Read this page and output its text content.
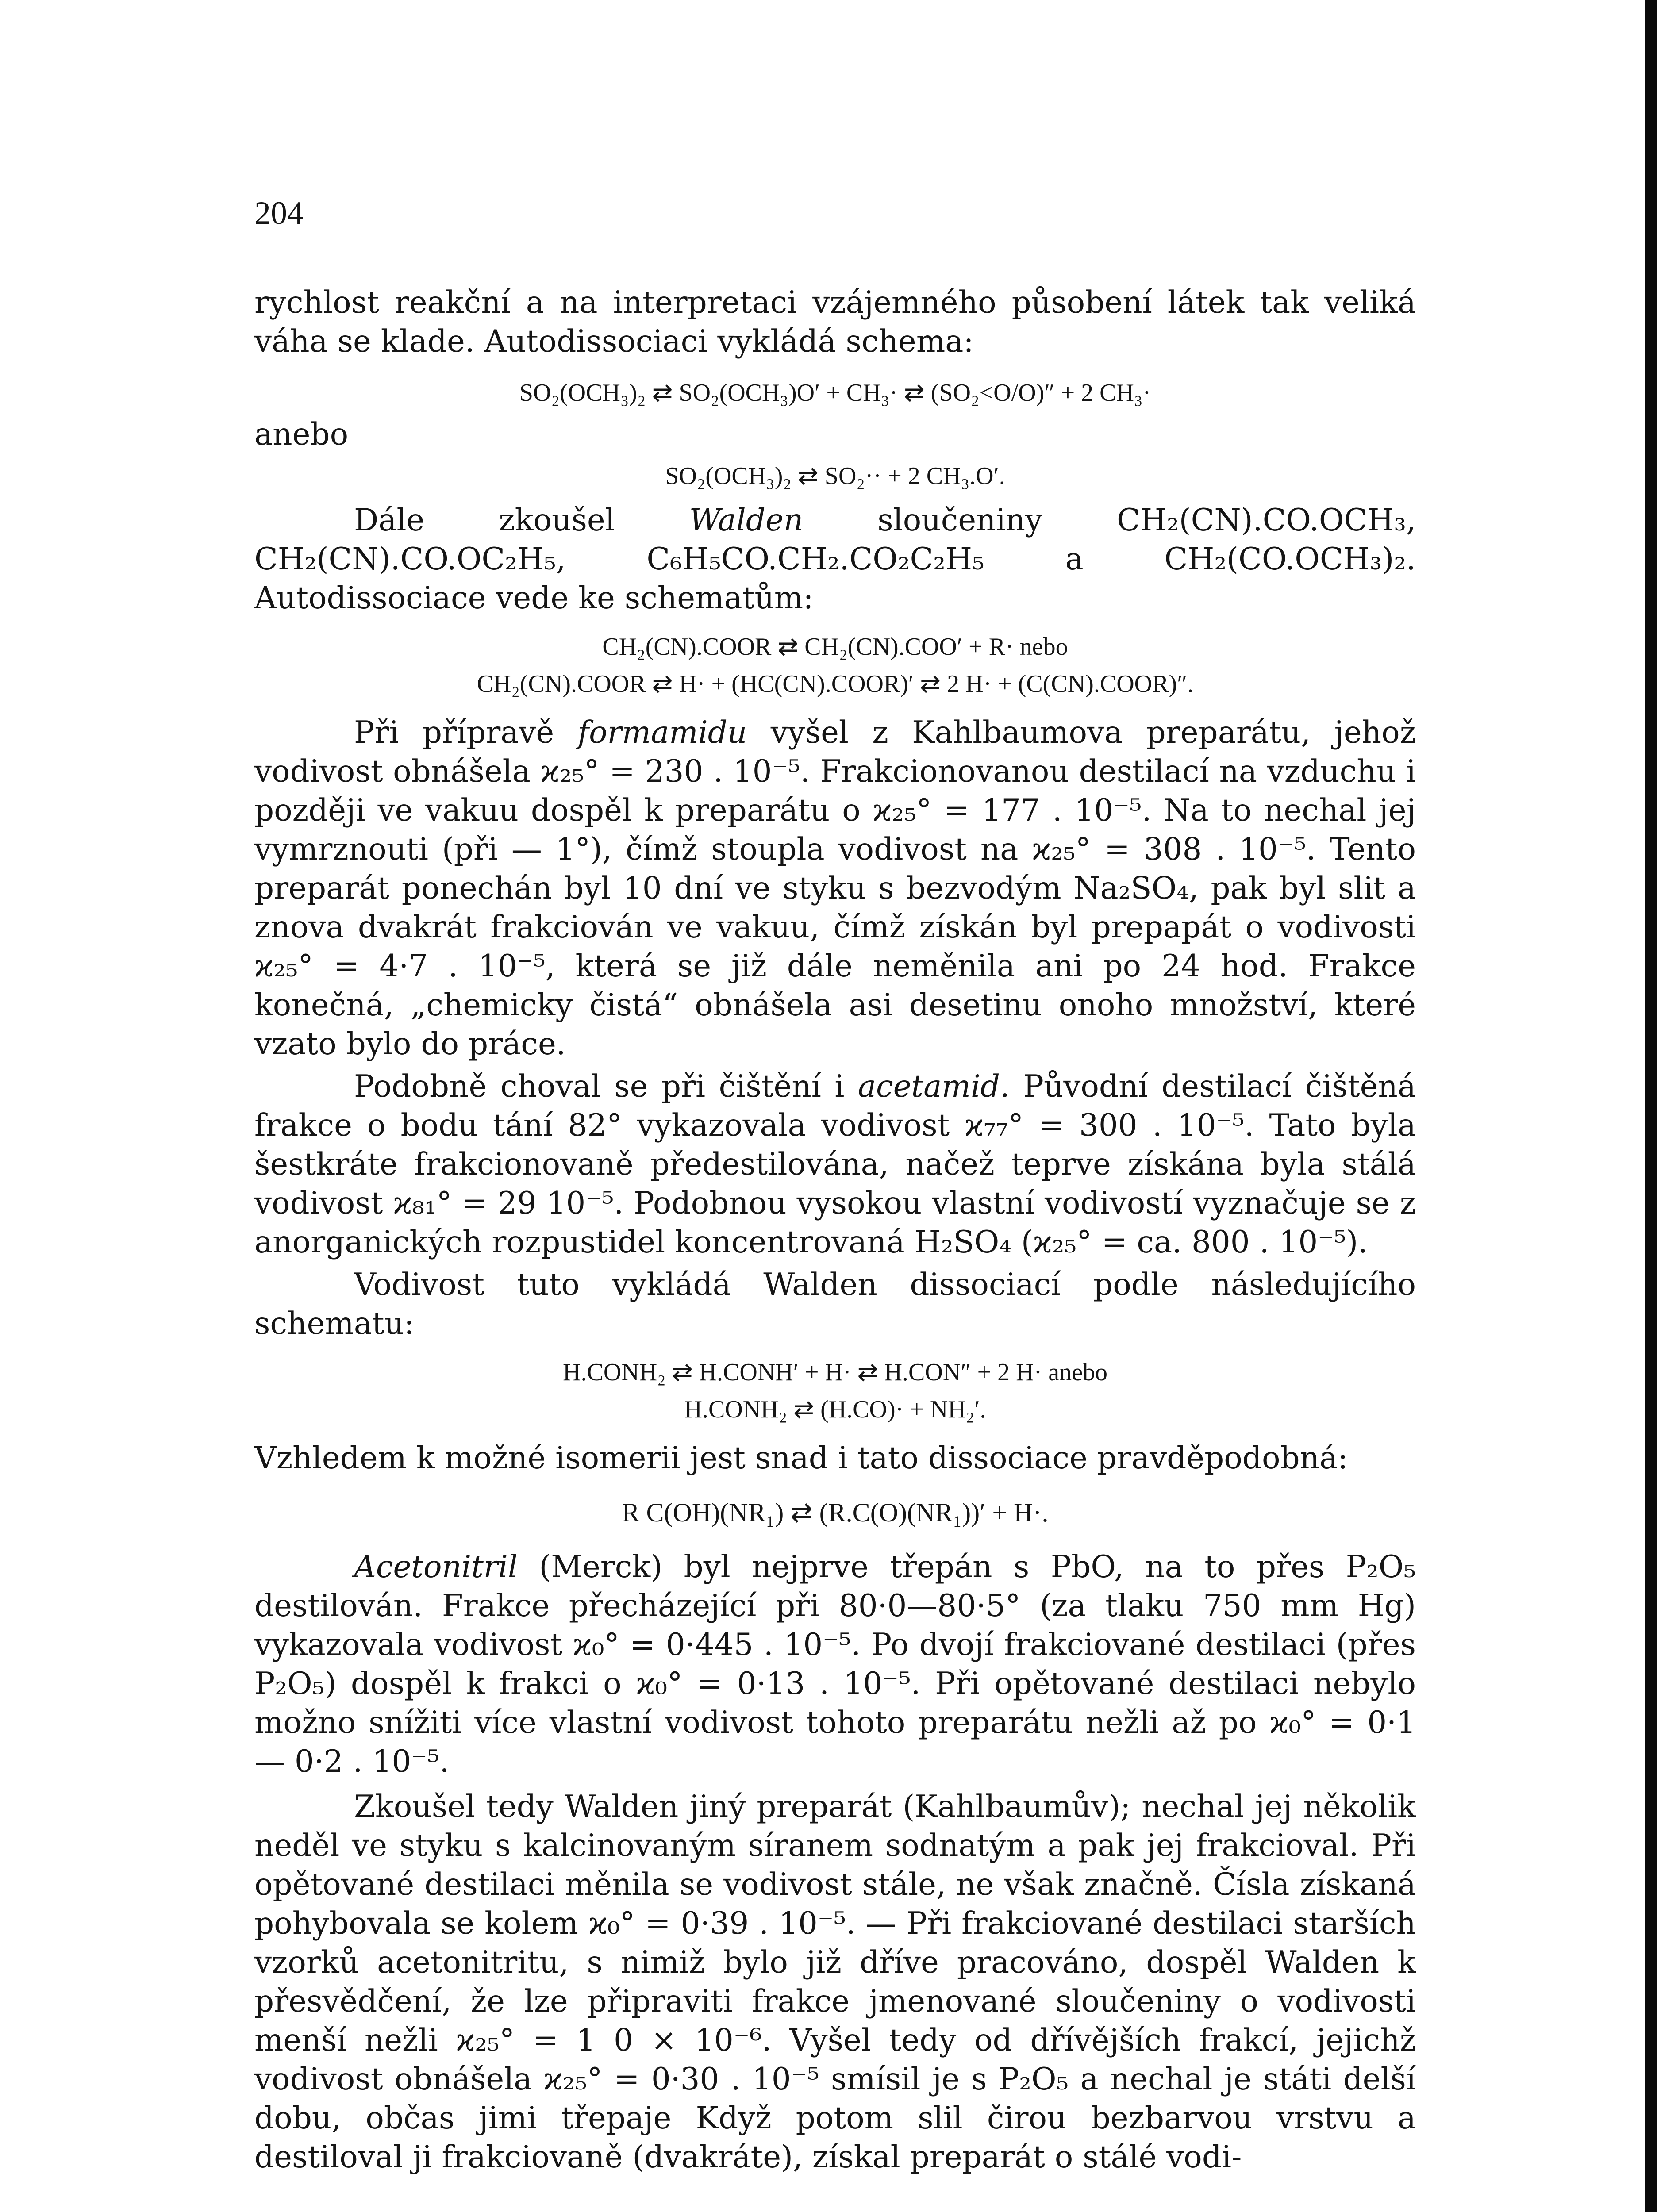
204

rychlost reakční a na interpretaci vzájemného působení látek tak veliká váha se klade. Autodissociaci vykládá schema:

SO₂(OCH₃)₂ ⇄ SO₂(OCH₃)O′ + CH₃· ⇄ (SO₂<O/O)″ + 2 CH₃·

anebo

SO₂(OCH₃)₂ ⇄ SO₂·· + 2 CH₃.O′.

Dále zkoušel Walden sloučeniny CH₂(CN).CO.OCH₃, CH₂(CN).CO.OC₂H₅, C₆H₅CO.CH₂.CO₂C₂H₅ a CH₂(CO.OCH₃)₂. Autodissociace vede ke schematům:

CH₂(CN).COOR ⇄ CH₂(CN).COO′ + R· nebo
CH₂(CN).COOR ⇄ H· + (HC(CN).COOR)′ ⇄ 2 H· + (C(CN).COOR)″.

Při přípravě formamidu vyšel z Kahlbaumova preparátu, jehož vodivost obnášela ϰ₂₅° = 230 . 10⁻⁵. Frakcionovanou destilací na vzduchu i později ve vakuu dospěl k preparátu o ϰ₂₅° = 177 . 10⁻⁵. Na to nechal jej vymrznouti (při — 1°), čímž stoupla vodivost na ϰ₂₅° = 308 . 10⁻⁵. Tento preparát ponechán byl 10 dní ve styku s bezvodým Na₂SO₄, pak byl slit a znova dvakrát frakciován ve vakuu, čímž získán byl prepapát o vodivosti ϰ₂₅° = 4·7 . 10⁻⁵, která se již dále neměnila ani po 24 hod. Frakce konečná, „chemicky čistá“ obnášela asi desetinu onoho množství, které vzato bylo do práce.

Podobně choval se při čištění i acetamid. Původní destilací čištěná frakce o bodu tání 82° vykazovala vodivost ϰ₇₇° = 300 . 10⁻⁵. Tato byla šestkráte frakcionovaně předestilována, načež teprve získána byla stálá vodivost ϰ₈₁° = 29 10⁻⁵. Podobnou vysokou vlastní vodivostí vyznačuje se z anorganických rozpustidel koncentrovaná H₂SO₄ (ϰ₂₅° = ca. 800 . 10⁻⁵).

Vodivost tuto vykládá Walden dissociací podle následujícího schematu:

H.CONH₂ ⇄ H.CONH′ + H· ⇄ H.CON″ + 2 H· anebo
H.CONH₂ ⇄ (H.CO)· + NH₂′.

Vzhledem k možné isomerii jest snad i tato dissociace pravděpodobná:

R C(OH)(NR₁) ⇄ (R.C(O)(NR₁))′ + H·.

Acetonitril (Merck) byl nejprve třepán s PbO, na to přes P₂O₅ destilován. Frakce přecházející při 80·0—80·5° (za tlaku 750 mm Hg) vykazovala vodivost ϰ₀° = 0·445 . 10⁻⁵. Po dvojí frakciované destilaci (přes P₂O₅) dospěl k frakci o ϰ₀° = 0·13 . 10⁻⁵. Při opětované destilaci nebylo možno snížiti více vlastní vodivost tohoto preparátu nežli až po ϰ₀° = 0·1 — 0·2 . 10⁻⁵.

Zkoušel tedy Walden jiný preparát (Kahlbaumův); nechal jej několik neděl ve styku s kalcinovaným síranem sodnatým a pak jej frakcioval. Při opětované destilaci měnila se vodivost stále, ne však značně. Čísla získaná pohybovala se kolem ϰ₀° = 0·39 . 10⁻⁵. — Při frakciované destilaci starších vzorků acetonitritu, s nimiž bylo již dříve pracováno, dospěl Walden k přesvědčení, že lze připraviti frakce jmenované sloučeniny o vodivosti menší nežli ϰ₂₅° = 1 0 × 10⁻⁶. Vyšel tedy od dřívějších frakcí, jejichž vodivost obnášela ϰ₂₅° = 0·30 . 10⁻⁵ smísil je s P₂O₅ a nechal je státi delší dobu, občas jimi třepaje Když potom slil čirou bezbarvou vrstvu a destiloval ji frakciovaně (dvakráte), získal preparát o stálé vodi-
